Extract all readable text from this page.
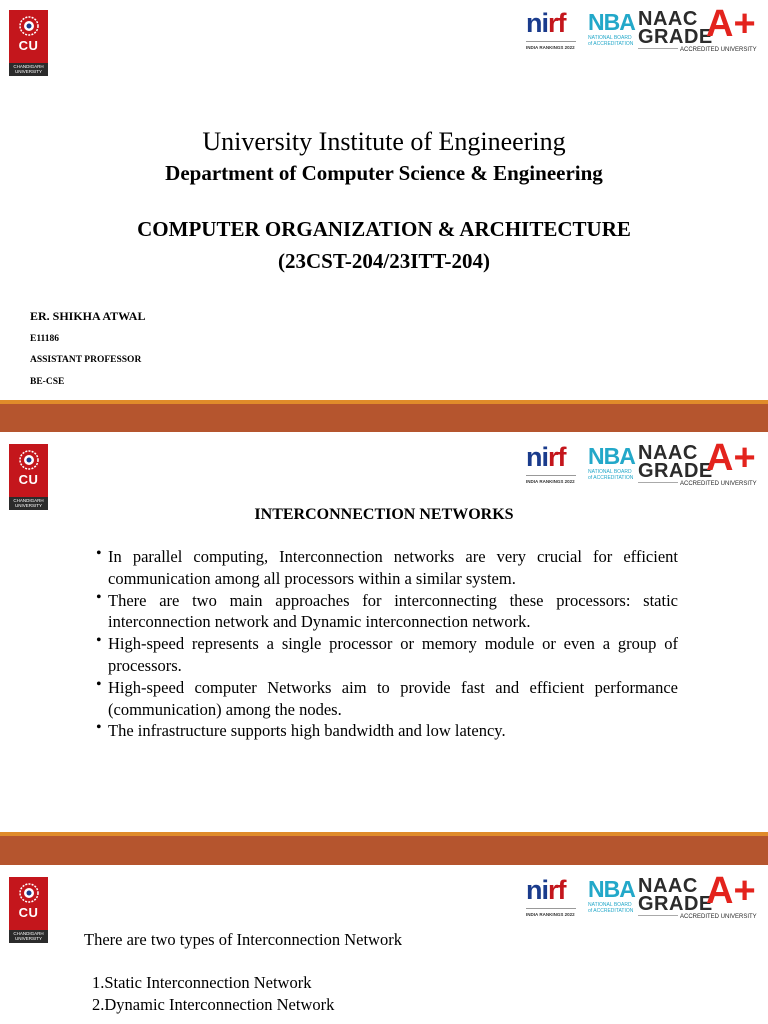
CU
CHANDIGARH UNIVERSITY
nirf
INDIA RANKINGS 2022
NBA
NATIONAL BOARD of ACCREDITATION
NAAC
GRADE
A+
ACCREDITED UNIVERSITY
University Institute of Engineering
Department of Computer Science & Engineering
COMPUTER ORGANIZATION & ARCHITECTURE
(23CST-204/23ITT-204)
ER. SHIKHA ATWAL
E11186
ASSISTANT PROFESSOR
BE-CSE
CU
CHANDIGARH UNIVERSITY
nirf
INDIA RANKINGS 2022
NBA
NATIONAL BOARD of ACCREDITATION
NAAC
GRADE
A+
ACCREDITED UNIVERSITY
INTERCONNECTION NETWORKS
• In parallel computing, Interconnection networks are very crucial for efficient communication among all processors within a similar system.
• There are two main approaches for interconnecting these processors: static interconnection network and Dynamic interconnection network.
• High-speed represents a single processor or memory module or even a group of processors.
• High-speed computer Networks aim to provide fast and efficient performance (communication) among the nodes.
• The infrastructure supports high bandwidth and low latency.
CU
CHANDIGARH UNIVERSITY
nirf
INDIA RANKINGS 2022
NBA
NATIONAL BOARD of ACCREDITATION
NAAC
GRADE
A+
ACCREDITED UNIVERSITY
There are two types of Interconnection Network
1.Static Interconnection Network
2.Dynamic Interconnection Network
